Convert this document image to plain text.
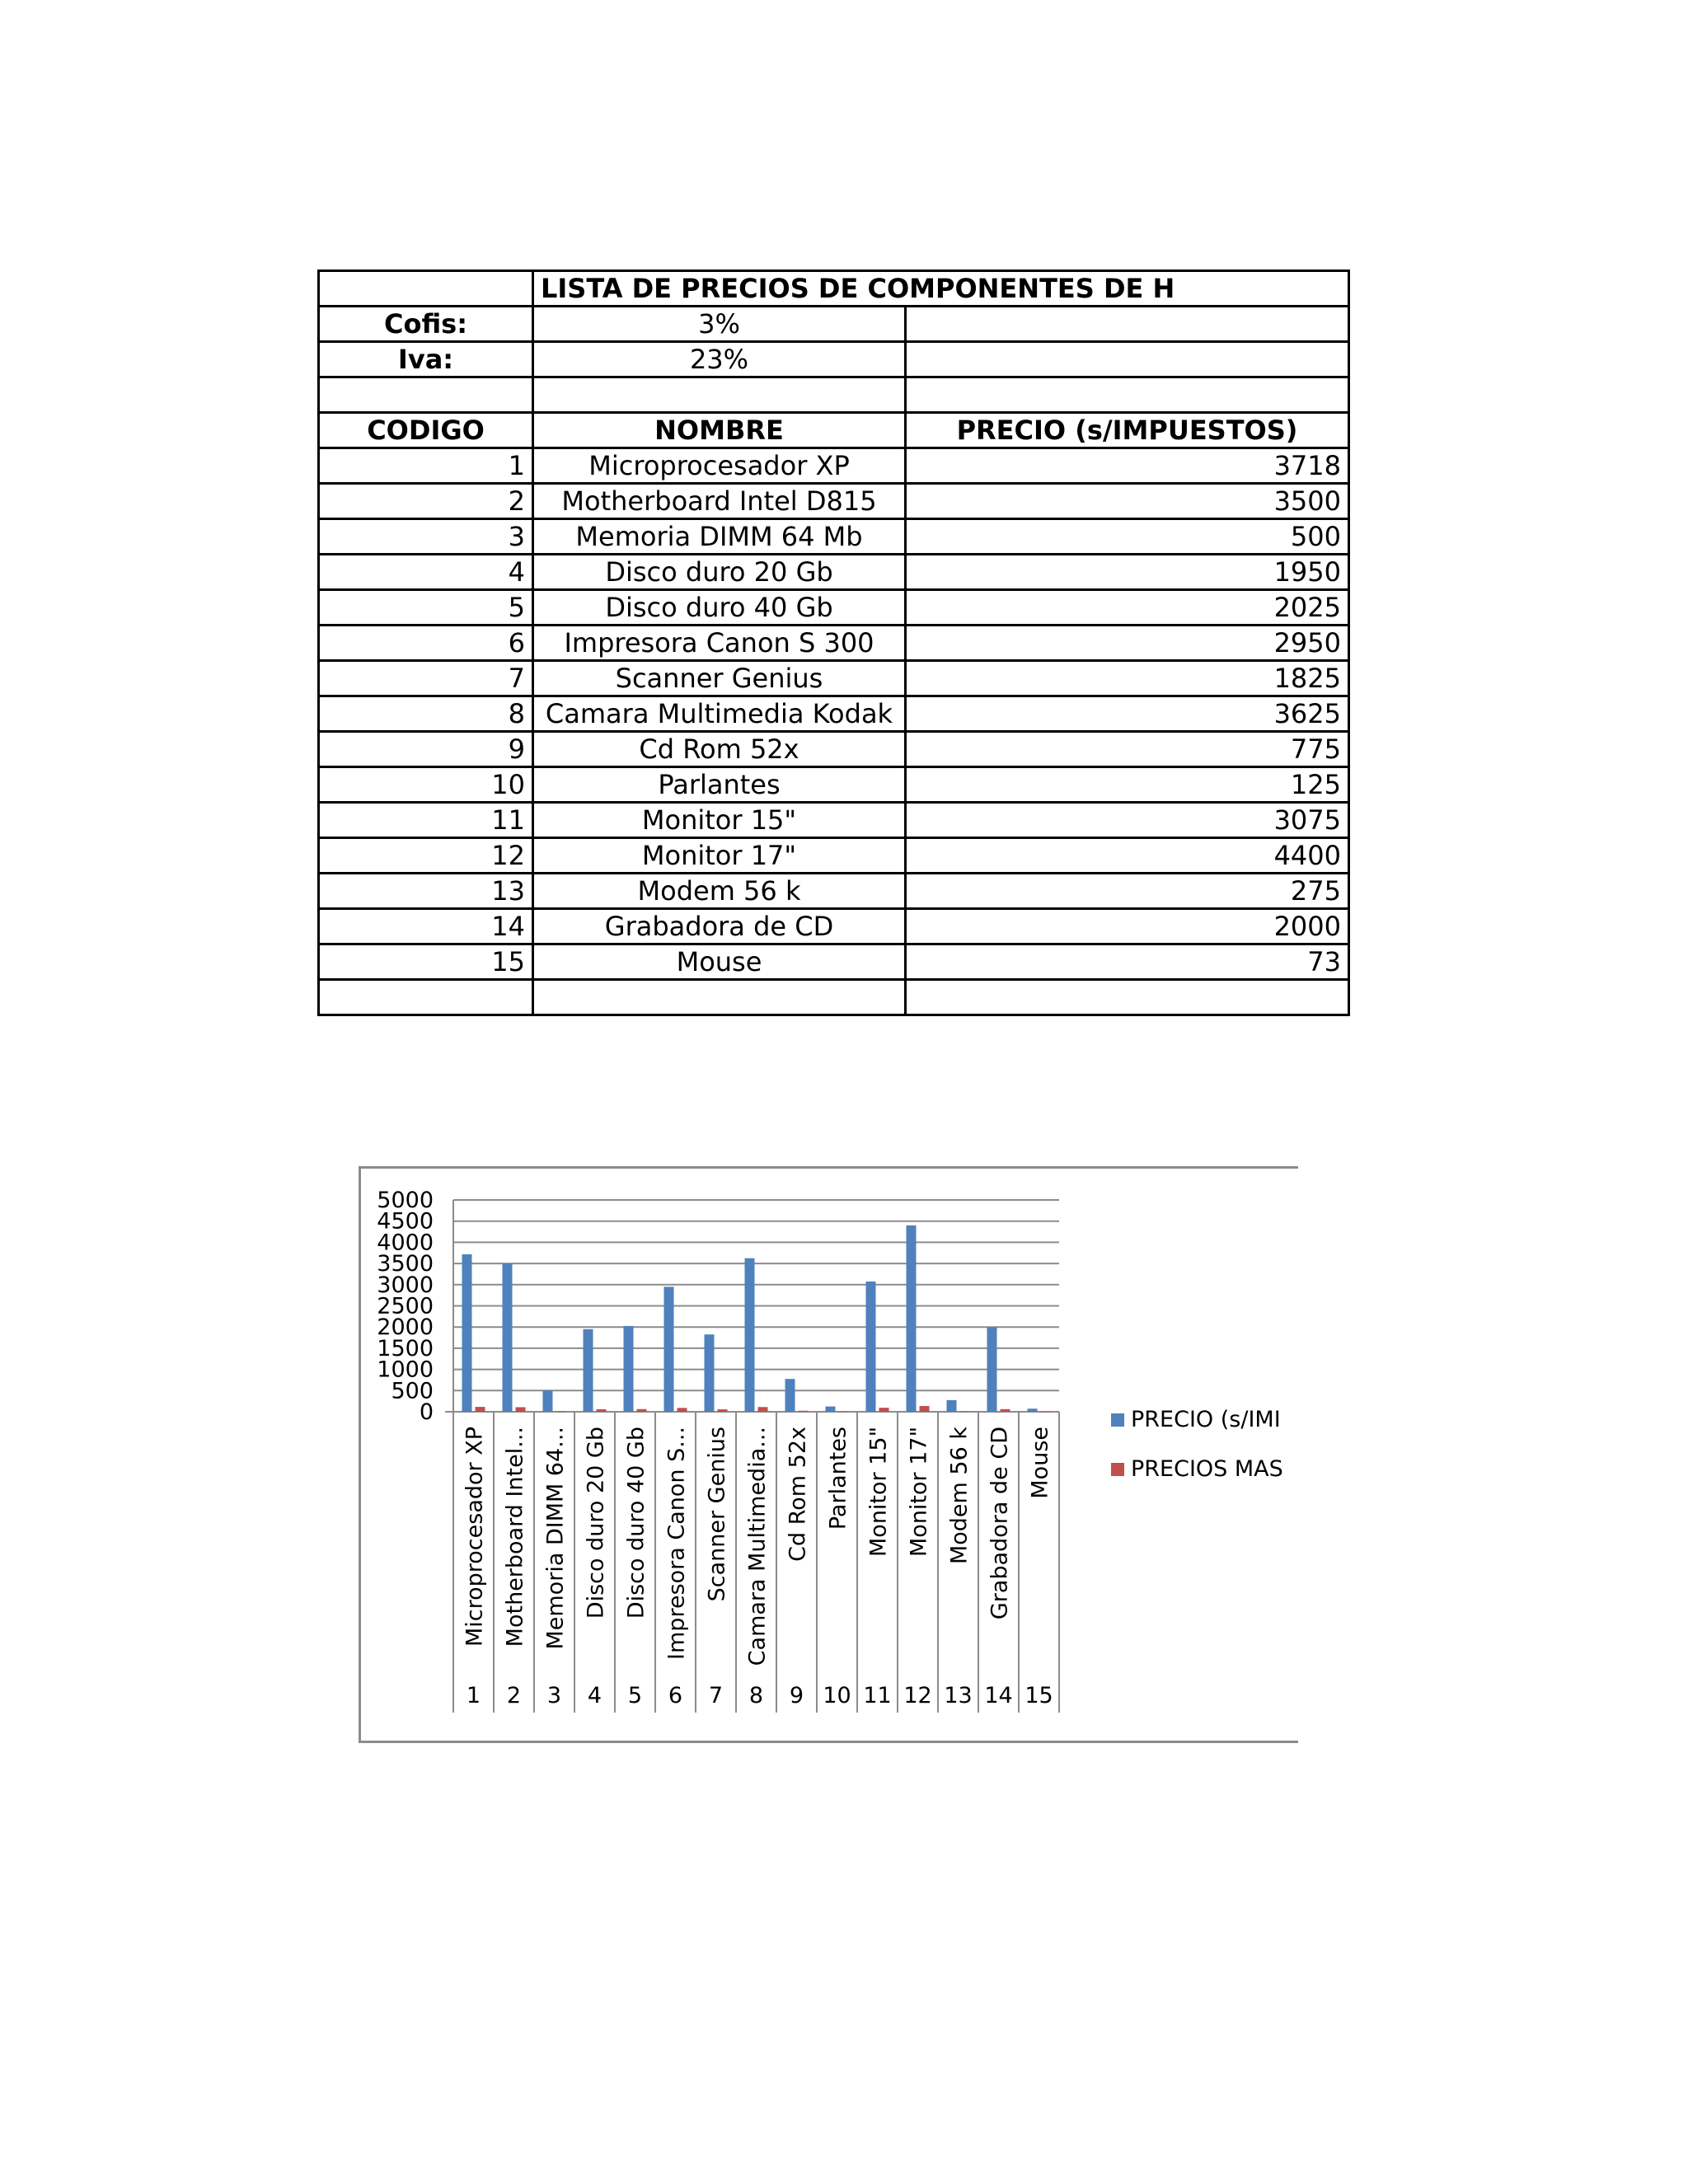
	LISTA DE PRECIOS DE COMPONENTES DE H	
Cofis:	3%	
Iva:	23%	

CODIGO	NOMBRE	PRECIO (s/IMPUESTOS)
1	Microprocesador XP	3718
2	Motherboard Intel D815	3500
3	Memoria DIMM 64 Mb	500
4	Disco duro 20 Gb	1950
5	Disco duro 40 Gb	2025
6	Impresora Canon S 300	2950
7	Scanner Genius	1825
8	Camara Multimedia Kodak	3625
9	Cd Rom 52x	775
10	Parlantes	125
11	Monitor 15"	3075
12	Monitor 17"	4400
13	Modem 56 k	275
14	Grabadora de CD	2000
15	Mouse	73

0
500
1000
1500
2000
2500
3000
3500
4000
4500
5000
Microprocesador XP
1
Motherboard Intel...
2
Memoria DIMM 64...
3
Disco duro 20 Gb
4
Disco duro 40 Gb
5
Impresora Canon S...
6
Scanner Genius
7
Camara Multimedia...
8
Cd Rom 52x
9
Parlantes
10
Monitor 15"
11
Monitor 17"
12
Modem 56 k
13
Grabadora de CD
14
Mouse
15
PRECIO (s/IMI
PRECIOS MAS
